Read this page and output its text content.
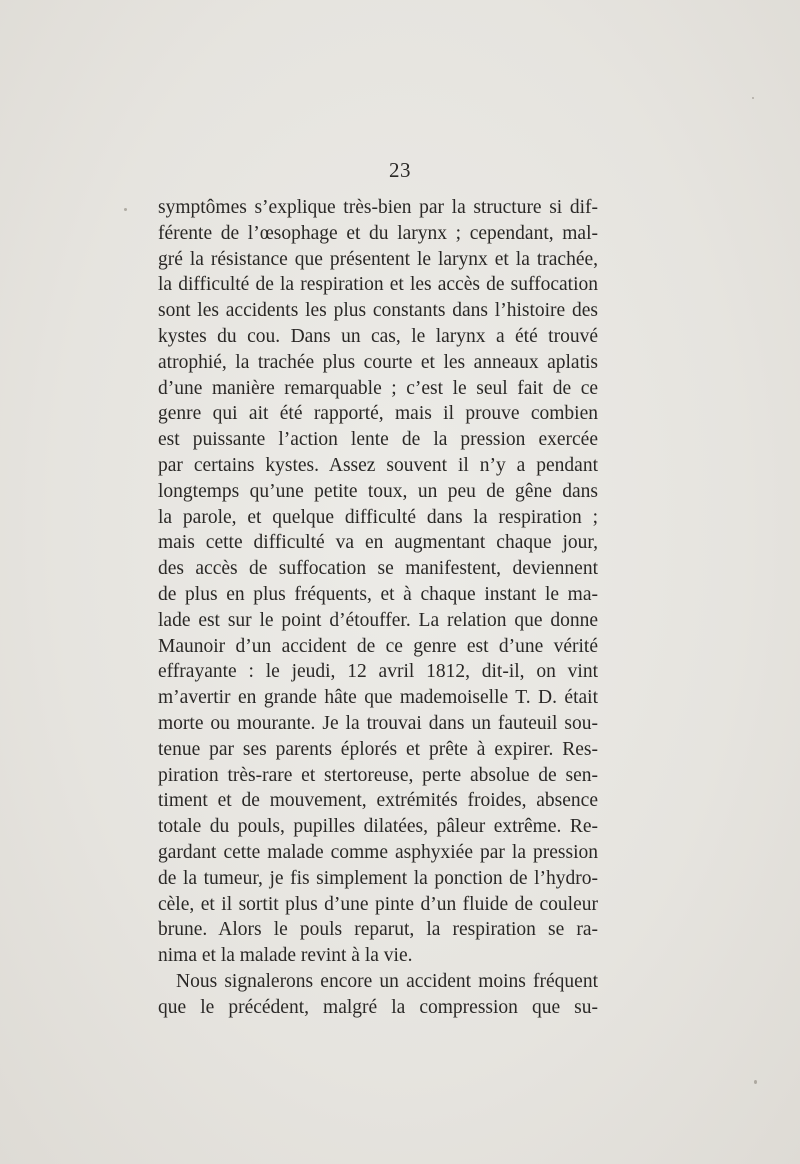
23
symptômes s’explique très-bien par la structure si dif-
férente de l’œsophage et du larynx ; cependant, mal-
gré la résistance que présentent le larynx et la trachée,
la difficulté de la respiration et les accès de suffocation
sont les accidents les plus constants dans l’histoire des
kystes du cou. Dans un cas, le larynx a été trouvé
atrophié, la trachée plus courte et les anneaux aplatis
d’une manière remarquable ; c’est le seul fait de ce
genre qui ait été rapporté, mais il prouve combien
est puissante l’action lente de la pression exercée
par certains kystes. Assez souvent il n’y a pendant
longtemps qu’une petite toux, un peu de gêne dans
la parole, et quelque difficulté dans la respiration ;
mais cette difficulté va en augmentant chaque jour,
des accès de suffocation se manifestent, deviennent
de plus en plus fréquents, et à chaque instant le ma-
lade est sur le point d’étouffer. La relation que donne
Maunoir d’un accident de ce genre est d’une vérité
effrayante : le jeudi, 12 avril 1812, dit-il, on vint
m’avertir en grande hâte que mademoiselle T. D. était
morte ou mourante. Je la trouvai dans un fauteuil sou-
tenue par ses parents éplorés et prête à expirer. Res-
piration très-rare et stertoreuse, perte absolue de sen-
timent et de mouvement, extrémités froides, absence
totale du pouls, pupilles dilatées, pâleur extrême. Re-
gardant cette malade comme asphyxiée par la pression
de la tumeur, je fis simplement la ponction de l’hydro-
cèle, et il sortit plus d’une pinte d’un fluide de couleur
brune. Alors le pouls reparut, la respiration se ra-
nima et la malade revint à la vie.
Nous signalerons encore un accident moins fréquent
que le précédent, malgré la compression que su-
